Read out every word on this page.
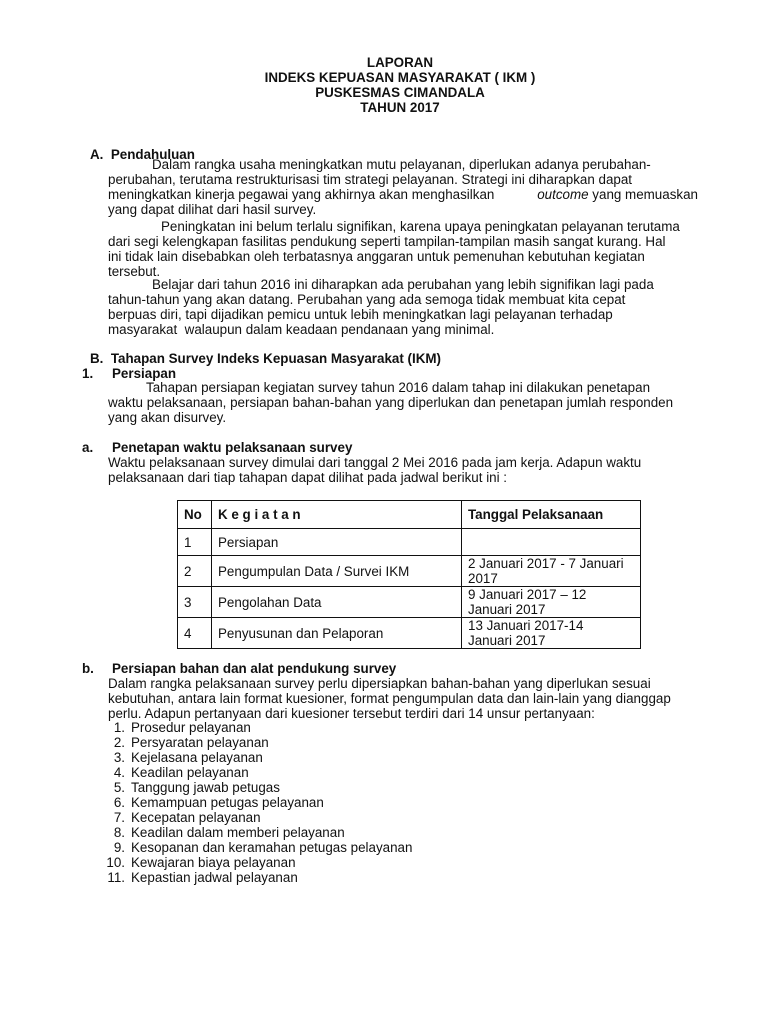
LAPORAN
INDEKS KEPUASAN MASYARAKAT ( IKM )
PUSKESMAS CIMANDALA
TAHUN 2017
A.  Pendahuluan
Dalam rangka usaha meningkatkan mutu pelayanan, diperlukan adanya perubahan-
perubahan, terutama restrukturisasi tim strategi pelayanan. Strategi ini diharapkan dapat
meningkatkan kinerja pegawai yang akhirnya akan menghasilkan	outcome yang memuaskan
yang dapat dilihat dari hasil survey.
Peningkatan ini belum terlalu signifikan, karena upaya peningkatan pelayanan terutama
dari segi kelengkapan fasilitas pendukung seperti tampilan-tampilan masih sangat kurang. Hal
ini tidak lain disebabkan oleh terbatasnya anggaran untuk pemenuhan kebutuhan kegiatan
tersebut.
Belajar dari tahun 2016 ini diharapkan ada perubahan yang lebih signifikan lagi pada
tahun-tahun yang akan datang. Perubahan yang ada semoga tidak membuat kita cepat
berpuas diri, tapi dijadikan pemicu untuk lebih meningkatkan lagi pelayanan terhadap
masyarakat  walaupun dalam keadaan pendanaan yang minimal.
B.  Tahapan Survey Indeks Kepuasan Masyarakat (IKM)
1. Persiapan
Tahapan persiapan kegiatan survey tahun 2016 dalam tahap ini dilakukan penetapan
waktu pelaksanaan, persiapan bahan-bahan yang diperlukan dan penetapan jumlah responden
yang akan disurvey.
a. Penetapan waktu pelaksanaan survey
Waktu pelaksanaan survey dimulai dari tanggal 2 Mei 2016 pada jam kerja. Adapun waktu
pelaksanaan dari tiap tahapan dapat dilihat pada jadwal berikut ini :
No	K e g i a t a n	Tanggal Pelaksanaan
1	Persiapan	
2	Pengumpulan Data / Survei IKM	2 Januari 2017 - 7 Januari
2017

3	Pengolahan Data	9 Januari 2017 – 12
Januari 2017

4	Penyusunan dan Pelaporan	13 Januari 2017-14
Januari 2017
b. Persiapan bahan dan alat pendukung survey
Dalam rangka pelaksanaan survey perlu dipersiapkan bahan-bahan yang diperlukan sesuai
kebutuhan, antara lain format kuesioner, format pengumpulan data dan lain-lain yang dianggap
perlu. Adapun pertanyaan dari kuesioner tersebut terdiri dari 14 unsur pertanyaan:
1. Prosedur pelayanan
2. Persyaratan pelayanan
3. Kejelasana pelayanan
4. Keadilan pelayanan
5. Tanggung jawab petugas
6. Kemampuan petugas pelayanan
7. Kecepatan pelayanan
8. Keadilan dalam memberi pelayanan
9. Kesopanan dan keramahan petugas pelayanan
10. Kewajaran biaya pelayanan
11. Kepastian jadwal pelayanan
